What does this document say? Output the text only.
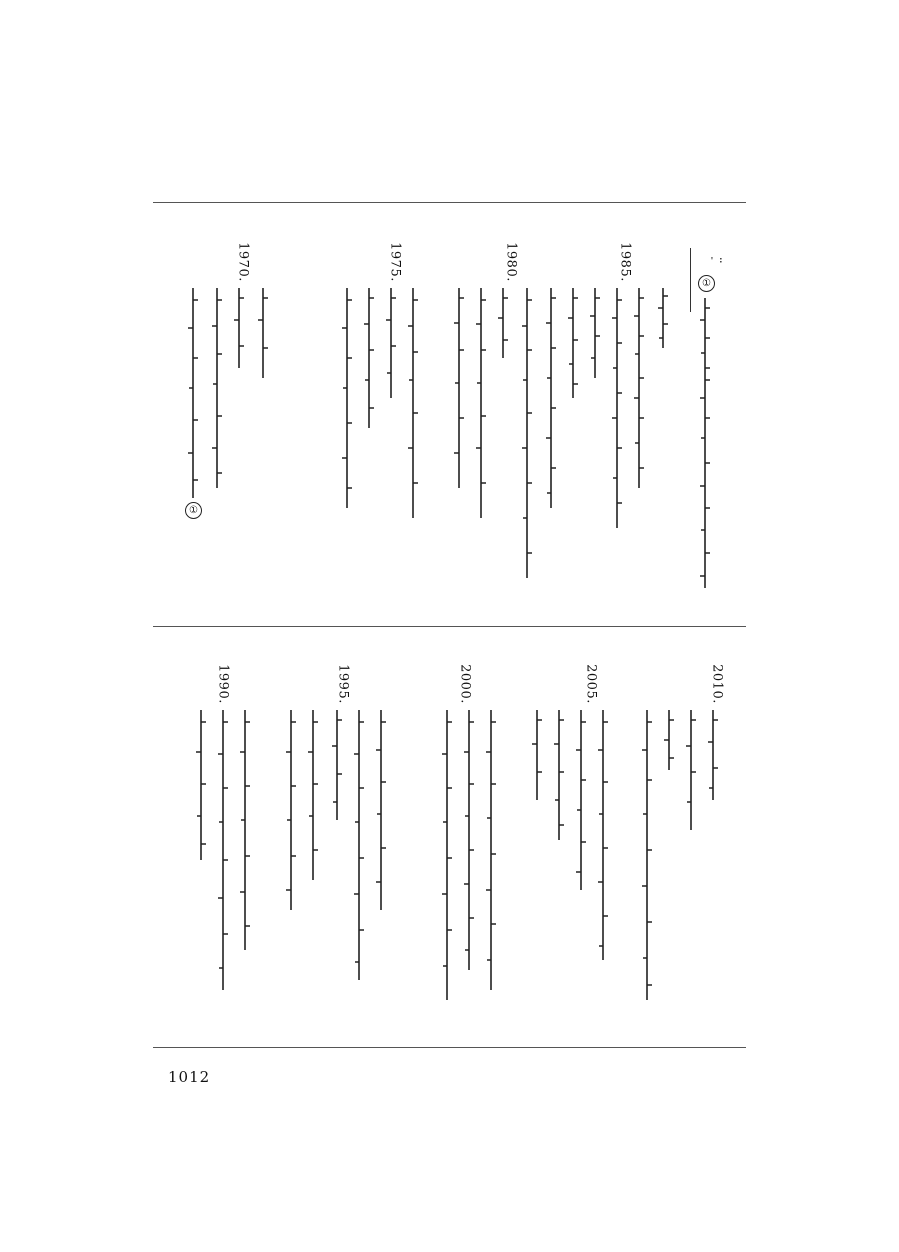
ᡃ ᠄
①
1985.
1980.
1975.
1970.
①
2010.
2005.
2000.
1995.
1990.
1012
